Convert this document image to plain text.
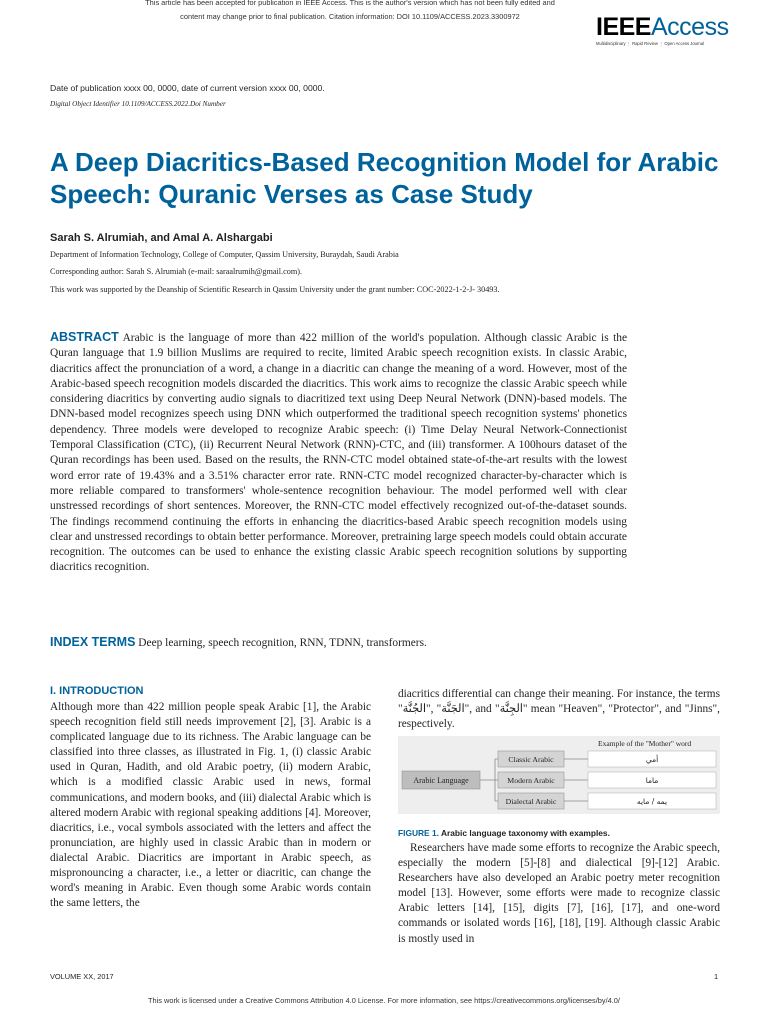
This article has been accepted for publication in IEEE Access. This is the author's version which has not been fully edited and
content may change prior to final publication. Citation information: DOI 10.1109/ACCESS.2023.3300972	IEEEAccess
Multidisciplinary ⋮ Rapid Review ⋮ Open Access Journal
Date of publication xxxx 00, 0000, date of current version xxxx 00, 0000.
Digital Object Identifier 10.1109/ACCESS.2022.Doi Number
A Deep Diacritics-Based Recognition Model for Arabic Speech: Quranic Verses as Case Study
Sarah S. Alrumiah, and Amal A. Alshargabi
Department of Information Technology, College of Computer, Qassim University, Buraydah, Saudi Arabia
Corresponding author: Sarah S. Alrumiah (e-mail: saraalrumih@gmail.com).
This work was supported by the Deanship of Scientific Research in Qassim University under the grant number: COC-2022-1-2-J- 30493.
ABSTRACT Arabic is the language of more than 422 million of the world's population. Although classic Arabic is the Quran language that 1.9 billion Muslims are required to recite, limited Arabic speech recognition exists. In classic Arabic, diacritics affect the pronunciation of a word, a change in a diacritic can change the meaning of a word. However, most of the Arabic-based speech recognition models discarded the diacritics. This work aims to recognize the classic Arabic speech while considering diacritics by converting audio signals to diacritized text using Deep Neural Network (DNN)-based models. The DNN-based model recognizes speech using DNN which outperformed the traditional speech recognition systems' phonetics dependency. Three models were developed to recognize Arabic speech: (i) Time Delay Neural Network-Connectionist Temporal Classification (CTC), (ii) Recurrent Neural Network (RNN)-CTC, and (iii) transformer. A 100hours dataset of the Quran recordings has been used. Based on the results, the RNN-CTC model obtained state-of-the-art results with the lowest word error rate of 19.43% and a 3.51% character error rate. RNN-CTC model recognized character-by-character which is more reliable compared to transformers' whole-sentence recognition behaviour. The model performed well with clear unstressed recordings of short sentences. Moreover, the RNN-CTC model effectively recognized out-of-the-dataset sounds. The findings recommend continuing the efforts in enhancing the diacritics-based Arabic speech recognition models using clear and unstressed recordings to obtain better performance. Moreover, pretraining large speech models could obtain accurate recognition. The outcomes can be used to enhance the existing classic Arabic speech recognition solutions by supporting diacritics recognition.
INDEX TERMS Deep learning, speech recognition, RNN, TDNN, transformers.
I. INTRODUCTION

Although more than 422 million people speak Arabic [1], the Arabic speech recognition field still needs improvement [2], [3]. Arabic is a complicated language due to its richness. The Arabic language can be classified into three classes, as illustrated in Fig. 1, (i) classic Arabic used in Quran, Hadith, and old Arabic poetry, (ii) modern Arabic, which is a modified classic Arabic used in news, formal communications, and modern books, and (iii) dialectal Arabic which is altered modern Arabic with regional speaking additions [4]. Moreover, diacritics, i.e., vocal symbols associated with the letters and affect the pronunciation, are highly used in classic Arabic than in modern or dialectal Arabic. Diacritics are important in Arabic speech, as mispronouncing a character, i.e., a letter or diacritic, can change the word's meaning in Arabic. Even though some Arabic words contain the same letters, the

diacritics differential can change their meaning. For instance, the terms "الجَنَّة" ,"الجُنَّة", and "الجِنَّة" mean "Heaven", "Protector", and "Jinns", respectively.

Example of the "Mother" word
Arabic Language
Classic Arabic	أمي
Modern Arabic	ماما
Dialectal Arabic	يمه / مايه
FIGURE 1. Arabic language taxonomy with examples.

Researchers have made some efforts to recognize the Arabic speech, especially the modern [5]-[8] and dialectical [9]-[12] Arabic. Researchers have also developed an Arabic poetry meter recognition model [13]. However, some efforts were made to recognize classic Arabic letters [14], [15], digits [7], [16], [17], and one-word commands or isolated words [16], [18], [19]. Although classic Arabic is mostly used in

VOLUME XX, 2017	1
This work is licensed under a Creative Commons Attribution 4.0 License. For more information, see https://creativecommons.org/licenses/by/4.0/
